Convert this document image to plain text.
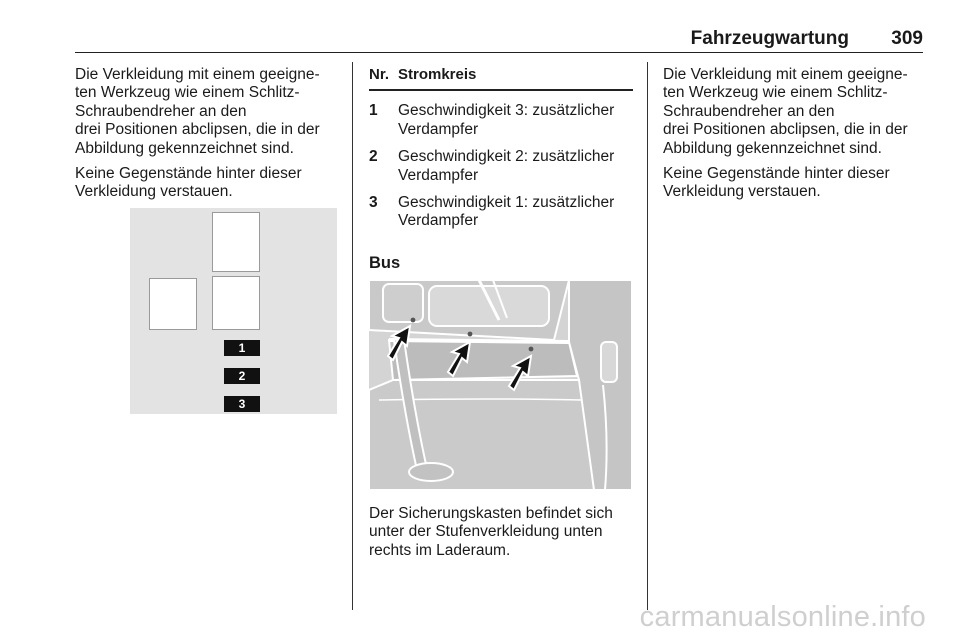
Fahrzeugwartung 309

Die Verkleidung mit einem geeigne-
ten Werkzeug wie einem Schlitz-
Schraubendreher an den
drei Positionen abclipsen, die in der
Abbildung gekennzeichnet sind.

Keine Gegenstände hinter dieser
Verkleidung verstauen.

1
2
3
Nr. Stromkreis
1	Geschwindigkeit 3: zusätzlicher Verdampfer
2	Geschwindigkeit 2: zusätzlicher Verdampfer
3	Geschwindigkeit 1: zusätzlicher Verdampfer
Bus
Der Sicherungskasten befindet sich
unter der Stufenverkleidung unten
rechts im Laderaum.

Die Verkleidung mit einem geeigne-
ten Werkzeug wie einem Schlitz-
Schraubendreher an den
drei Positionen abclipsen, die in der
Abbildung gekennzeichnet sind.

Keine Gegenstände hinter dieser
Verkleidung verstauen.

carmanualsonline.info
